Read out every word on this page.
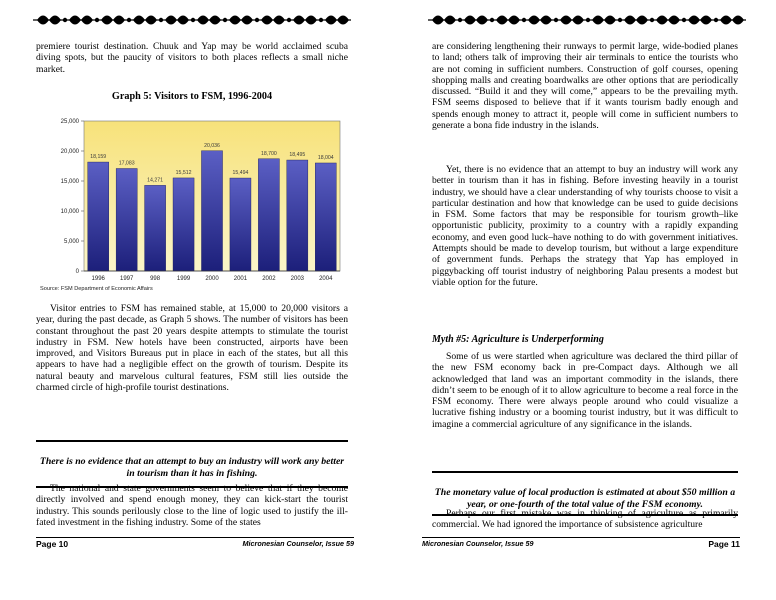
premiere tourist destination. Chuuk and Yap may be world acclaimed scuba diving spots, but the paucity of visitors to both places reflects a small niche market.

Graph 5: Visitors to FSM, 1996-2004
0
5,000
10,000
15,000
20,000
25,000
18,159
1996
17,083
1997
14,271
998
15,512
1999
20,036
2000
15,494
2001
18,700
2002
18,495
2003
18,004
2004
Source: FSM Department of Economic Affairs

Visitor entries to FSM has remained stable, at 15,000 to 20,000 visitors a year, during the past decade, as Graph 5 shows. The number of visitors has been constant throughout the past 20 years despite attempts to stimulate the tourist industry in FSM. New hotels have been constructed, airports have been improved, and Visitors Bureaus put in place in each of the states, but all this appears to have had a negligible effect on the growth of tourism. Despite its natural beauty and marvelous cultural features, FSM still lies outside the charmed circle of high-profile tourist destinations.

There is no evidence that an attempt to buy an industry will work any better in tourism than it has in fishing.

The national and state governments seem to believe that if they become directly involved and spend enough money, they can kick-start the tourist industry. This sounds perilously close to the line of logic used to justify the ill-fated investment in the fishing industry. Some of the states

Page 10	Micronesian Counselor, Issue 59

are considering lengthening their runways to permit large, wide-bodied planes to land; others talk of improving their air terminals to entice the tourists who are not coming in sufficient numbers. Construction of golf courses, opening shopping malls and creating boardwalks are other options that are periodically discussed. “Build it and they will come,” appears to be the prevailing myth. FSM seems disposed to believe that if it wants tourism badly enough and spends enough money to attract it, people will come in sufficient numbers to generate a bona fide industry in the islands.

Yet, there is no evidence that an attempt to buy an industry will work any better in tourism than it has in fishing. Before investing heavily in a tourist industry, we should have a clear understanding of why tourists choose to visit a particular destination and how that knowledge can be used to guide decisions in FSM. Some factors that may be responsible for tourism growth–like opportunistic publicity, proximity to a country with a rapidly expanding economy, and even good luck–have nothing to do with government initiatives. Attempts should be made to develop tourism, but without a large expenditure of government funds. Perhaps the strategy that Yap has employed in piggybacking off tourist industry of neighboring Palau presents a modest but viable option for the future.

Myth #5: Agriculture is Underperforming

Some of us were startled when agriculture was declared the third pillar of the new FSM economy back in pre-Compact days. Although we all acknowledged that land was an important commodity in the islands, there didn’t seem to be enough of it to allow agriculture to become a real force in the FSM economy. There were always people around who could visualize a lucrative fishing industry or a booming tourist industry, but it was difficult to imagine a commercial agriculture of any significance in the islands.

The monetary value of local production is estimated at about $50 million a year, or one-fourth of the total value of the FSM economy.

Perhaps our first mistake was in thinking of agriculture as primarily commercial. We had ignored the importance of subsistence agriculture

Micronesian Counselor, Issue 59	Page 11
